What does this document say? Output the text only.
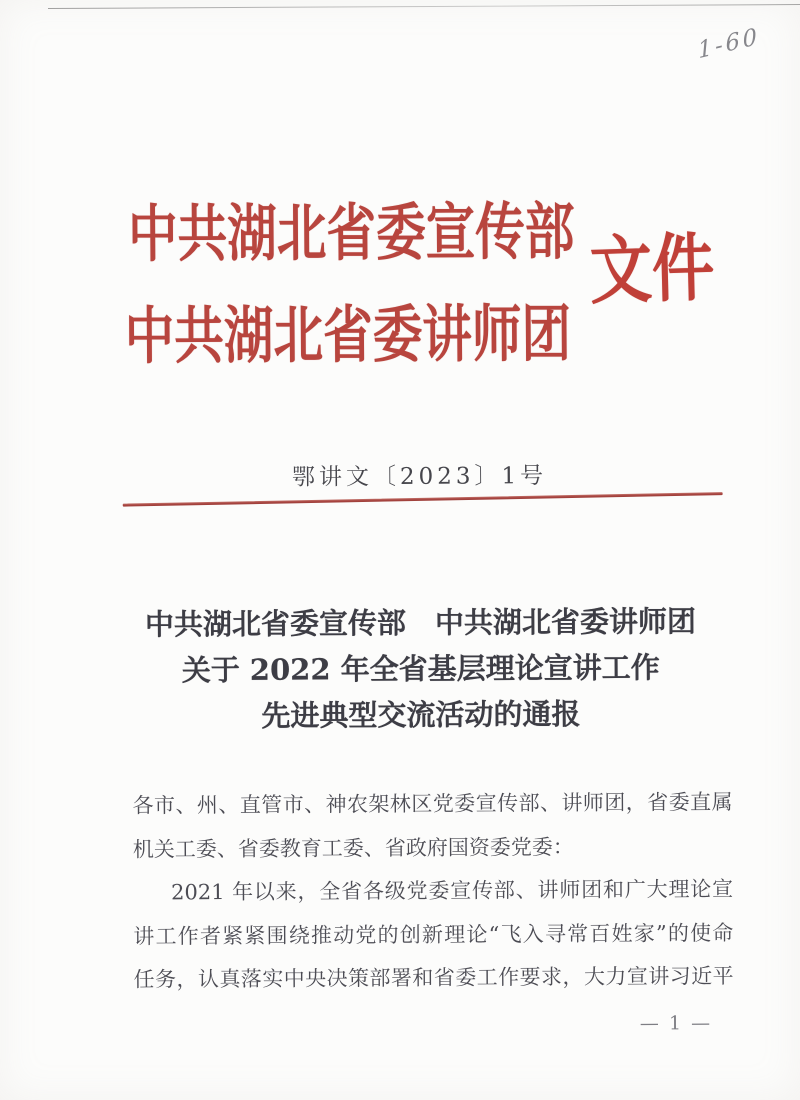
1-60
中共湖北省委宣传部
中共湖北省委讲师团
文件
鄂讲文〔2023〕1号
中共湖北省委宣传部　中共湖北省委讲师团
关于 2022 年全省基层理论宣讲工作
先进典型交流活动的通报
各市、州、直管市、神农架林区党委宣传部、讲师团，省委直属
机关工委、省委教育工委、省政府国资委党委：
2021 年以来，全省各级党委宣传部、讲师团和广大理论宣
讲工作者紧紧围绕推动党的创新理论“飞入寻常百姓家”的使命
任务，认真落实中央决策部署和省委工作要求，大力宣讲习近平
— 1 —
